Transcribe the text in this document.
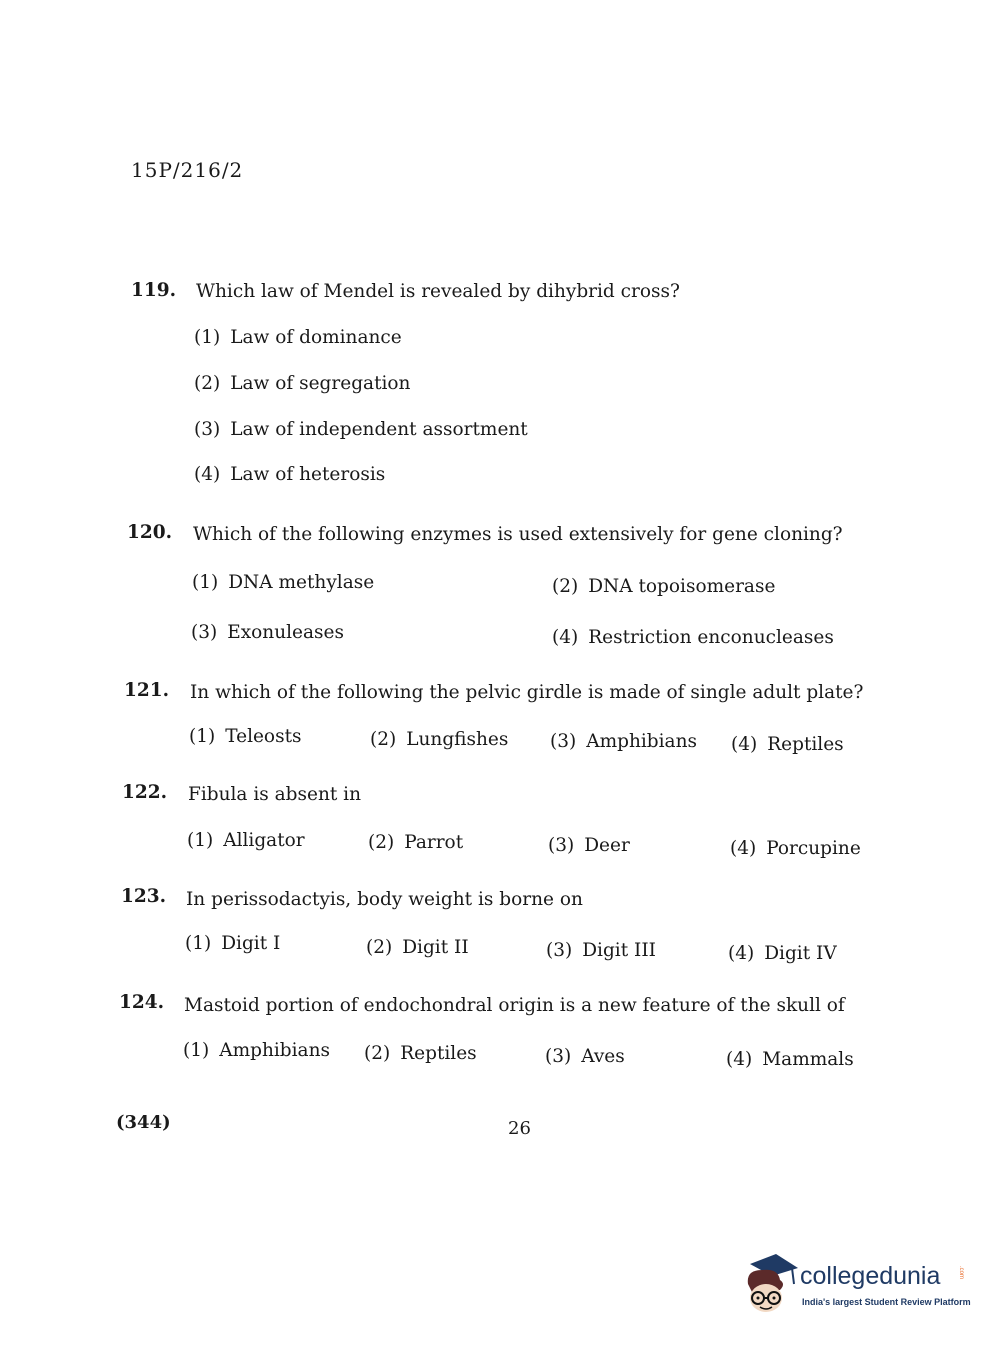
15P/216/2
119. Which law of Mendel is revealed by dihybrid cross?
(1) Law of dominance
(2) Law of segregation
(3) Law of independent assortment
(4) Law of heterosis
120. Which of the following enzymes is used extensively for gene cloning?
(1) DNA methylase	(2) DNA topoisomerase
(3) Exonuleases	(4) Restriction enconucleases
121. In which of the following the pelvic girdle is made of single adult plate?
(1) Teleosts	(2) Lungfishes (3) Amphibians (4) Reptiles
122. Fibula is absent in
(1) Alligator	(2) Parrot	(3) Deer	(4) Porcupine
123. In perissodactyis, body weight is borne on
(1) Digit I	(2) Digit II	(3) Digit III	(4) Digit IV
124. Mastoid portion of endochondral origin is a new feature of the skull of
(1) Amphibians (2) Reptiles	(3) Aves	(4) Mammals
(344)	26
collegedunia	.com
India's largest Student Review Platform
